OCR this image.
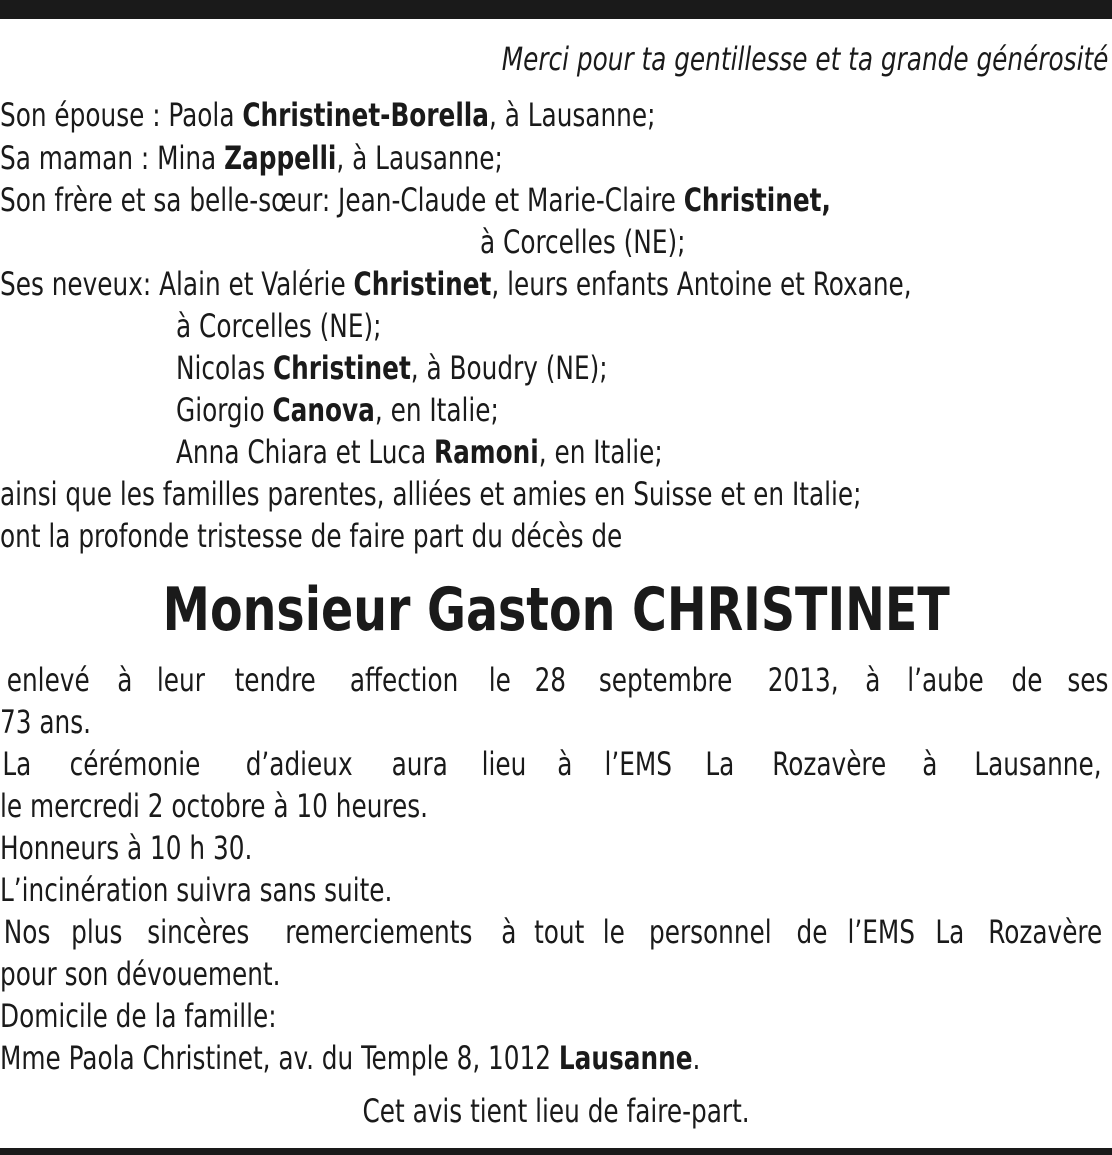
Merci pour ta gentillesse et ta grande générosité
Son épouse : Paola Christinet-Borella, à Lausanne;
Sa maman : Mina Zappelli, à Lausanne;
Son frère et sa belle-sœur: Jean-Claude et Marie-Claire Christinet,
à Corcelles (NE);
Ses neveux: Alain et Valérie Christinet, leurs enfants Antoine et Roxane,
à Corcelles (NE);
Nicolas Christinet, à Boudry (NE);
Giorgio Canova, en Italie;
Anna Chiara et Luca Ramoni, en Italie;
ainsi que les familles parentes, alliées et amies en Suisse et en Italie;
ont la profonde tristesse de faire part du décès de
Monsieur Gaston CHRISTINET
enlevé à leur tendre affection le 28 septembre 2013, à l’aube de ses
73 ans.
La cérémonie d’adieux aura lieu à l’EMS La Rozavère à Lausanne,
le mercredi 2 octobre à 10 heures.
Honneurs à 10 h 30.
L’incinération suivra sans suite.
Nos plus sincères remerciements à tout le personnel de l’EMS La Rozavère
pour son dévouement.
Domicile de la famille:
Mme Paola Christinet, av. du Temple 8, 1012 Lausanne.
Cet avis tient lieu de faire-part.
